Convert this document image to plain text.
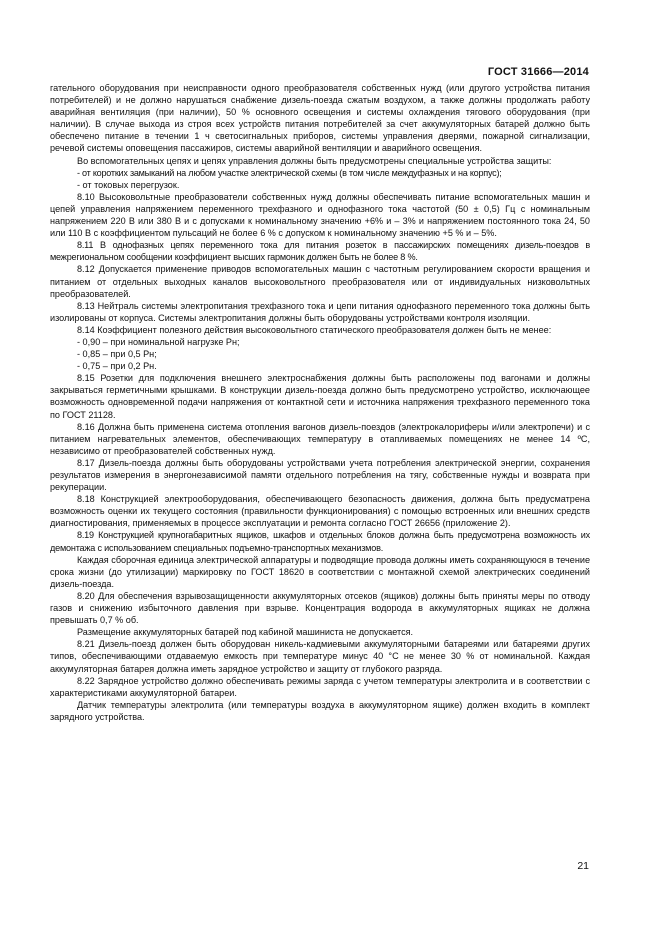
ГОСТ 31666—2014

гательного оборудования при неисправности одного преобразователя собственных нужд (или другого устройства питания потребителей) и не должно нарушаться снабжение дизель-поезда сжатым воздухом, а также должны продолжать работу аварийная вентиляция (при наличии), 50 % основного освещения и системы охлаждения тягового оборудования (при наличии). В случае выхода из строя всех устройств питания потребителей за счет аккумуляторных батарей должно быть обеспечено питание в течении 1 ч светосигнальных приборов, системы управления дверями, пожарной сигнализации, речевой системы оповещения пассажиров, системы аварийной вентиляции и аварийного освещения.

Во вспомогательных цепях и цепях управления должны быть предусмотрены специальные устройства защиты:

- от коротких замыканий на любом участке электрической схемы (в том числе междуфазных и на корпус);

- от токовых перегрузок.

8.10 Высоковольтные преобразователи собственных нужд должны обеспечивать питание вспомогательных машин и цепей управления напряжением переменного трехфазного и однофазного тока частотой (50 ± 0,5) Гц с номинальным напряжением 220 В или 380 В и с допусками к номинальному значению +6% и – 3% и напряжением постоянного тока 24, 50 или 110 В с коэффициентом пульсаций не более 6 % с допуском к номинальному значению +5 % и – 5%.

8.11 В однофазных цепях переменного тока для питания розеток в пассажирских помещениях дизель-поездов в межрегиональном сообщении коэффициент высших гармоник должен быть не более 8 %.

8.12 Допускается применение приводов вспомогательных машин с частотным регулированием скорости вращения и питанием от отдельных выходных каналов высоковольтного преобразователя или от индивидуальных низковольтных преобразователей.

8.13 Нейтраль системы электропитания трехфазного тока и цепи питания однофазного переменного тока должны быть изолированы от корпуса. Системы электропитания должны быть оборудованы устройствами контроля изоляции.

8.14 Коэффициент полезного действия высоковольтного статического преобразователя должен быть не менее:

- 0,90 – при номинальной нагрузке Рн;

- 0,85 – при 0,5 Рн;

- 0,75 – при 0,2 Рн.

8.15 Розетки для подключения внешнего электроснабжения должны быть расположены под вагонами и должны закрываться герметичными крышками. В конструкции дизель-поезда должно быть предусмотрено устройство, исключающее возможность одновременной подачи напряжения от контактной сети и источника напряжения трехфазного переменного тока по ГОСТ 21128.

8.16 Должна быть применена система отопления вагонов дизель-поездов (электрокалориферы и/или электропечи) и с питанием нагревательных элементов, обеспечивающих температуру в отапливаемых помещениях не менее 14 ºС, независимо от преобразователей собственных нужд.

8.17 Дизель-поезда должны быть оборудованы устройствами учета потребления электрической энергии, сохранения результатов измерения в энергонезависимой памяти отдельного потребления на тягу, собственные нужды и возврата при рекуперации.

8.18 Конструкцией электрооборудования, обеспечивающего безопасность движения, должна быть предусматрена возможность оценки их текущего состояния (правильности функционирования) с помощью встроенных или внешних средств диагностирования, применяемых в процессе эксплуатации и ремонта согласно ГОСТ 26656 (приложение 2).

8.19 Конструкцией крупногабаритных ящиков, шкафов и отдельных блоков должна быть предусмотрена возможность их демонтажа с использованием специальных подъемно-транспортных механизмов.

Каждая сборочная единица электрической аппаратуры и подводящие провода должны иметь сохраняющуюся в течение срока жизни (до утилизации) маркировку по ГОСТ 18620 в соответствии с монтажной схемой электрических соединений дизель-поезда.

8.20 Для обеспечения взрывозащищенности аккумуляторных отсеков (ящиков) должны быть приняты меры по отводу газов и снижению избыточного давления при взрыве. Концентрация водорода в аккумуляторных ящиках не должна превышать 0,7 % об.

Размещение аккумуляторных батарей под кабиной машиниста не допускается.

8.21 Дизель-поезд должен быть оборудован никель-кадмиевыми аккумуляторными батареями или батареями других типов, обеспечивающими отдаваемую емкость при температуре минус 40 °С не менее 30 % от номинальной. Каждая аккумуляторная батарея должна иметь зарядное устройство и защиту от глубокого разряда.

8.22 Зарядное устройство должно обеспечивать режимы заряда с учетом температуры электролита и в соответствии с характеристиками аккумуляторной батареи.

Датчик температуры электролита (или температуры воздуха в аккумуляторном ящике) должен входить в комплект зарядного устройства.

21
